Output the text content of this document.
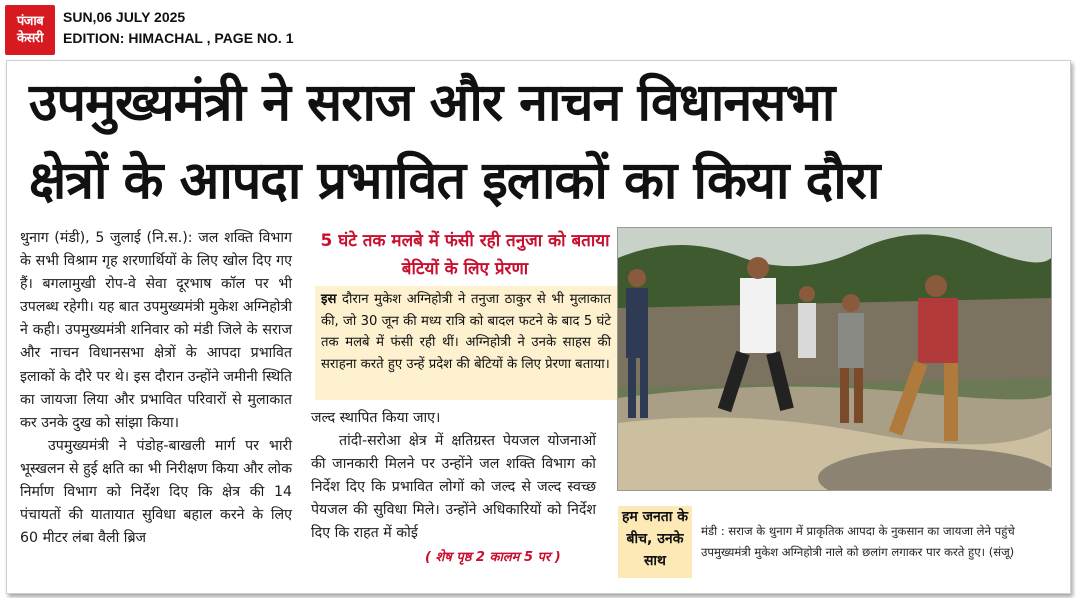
पंजाब
केसरी
SUN,06 JULY 2025
EDITION: HIMACHAL , PAGE NO. 1
उपमुख्यमंत्री ने सराज और नाचन विधानसभा
क्षेत्रों के आपदा प्रभावित इलाकों का किया दौरा

थुनाग (मंडी), 5 जुलाई (नि.स.): जल शक्ति विभाग के सभी विश्राम गृह शरणार्थियों के लिए खोल दिए गए हैं। बगलामुखी रोप-वे सेवा दूरभाष कॉल पर भी उपलब्ध रहेगी। यह बात उपमुख्यमंत्री मुकेश अग्निहोत्री ने कही। उपमुख्यमंत्री शनिवार को मंडी जिले के सराज और नाचन विधानसभा क्षेत्रों के आपदा प्रभावित इलाकों के दौरे पर थे। इस दौरान उन्होंने जमीनी स्थिति का जायजा लिया और प्रभावित परिवारों से मुलाकात कर उनके दुख को सांझा किया।

उपमुख्यमंत्री ने पंडोह-बाखली मार्ग पर भारी भूस्खलन से हुई क्षति का भी निरीक्षण किया और लोक निर्माण विभाग को निर्देश दिए कि क्षेत्र की 14 पंचायतों की यातायात सुविधा बहाल करने के लिए 60 मीटर लंबा वैली ब्रिज

5 घंटे तक मलबे में फंसी रही तनुजा को बताया बेटियों के लिए प्रेरणा
इस दौरान मुकेश अग्निहोत्री ने तनुजा ठाकुर से भी मुलाकात की, जो 30 जून की मध्य रात्रि को बादल फटने के बाद 5 घंटे तक मलबे में फंसी रही थीं। अग्निहोत्री ने उनके साहस की सराहना करते हुए उन्हें प्रदेश की बेटियों के लिए प्रेरणा बताया।

जल्द स्थापित किया जाए।

तांदी-सरोआ क्षेत्र में क्षतिग्रस्त पेयजल योजनाओं की जानकारी मिलने पर उन्होंने जल शक्ति विभाग को निर्देश दिए कि प्रभावित लोगों को जल्द से जल्द स्वच्छ पेयजल की सुविधा मिले। उन्होंने अधिकारियों को निर्देश दिए कि राहत में कोई

( शेष पृष्ठ 2 कालम 5 पर )
हम जनता के बीच, उनके साथ
मंडी : सराज के थुनाग में प्राकृतिक आपदा के नुकसान का जायजा लेने पहुंचे उपमुख्यमंत्री मुकेश अग्निहोत्री नाले को छलांग लगाकर पार करते हुए। (संजू)
